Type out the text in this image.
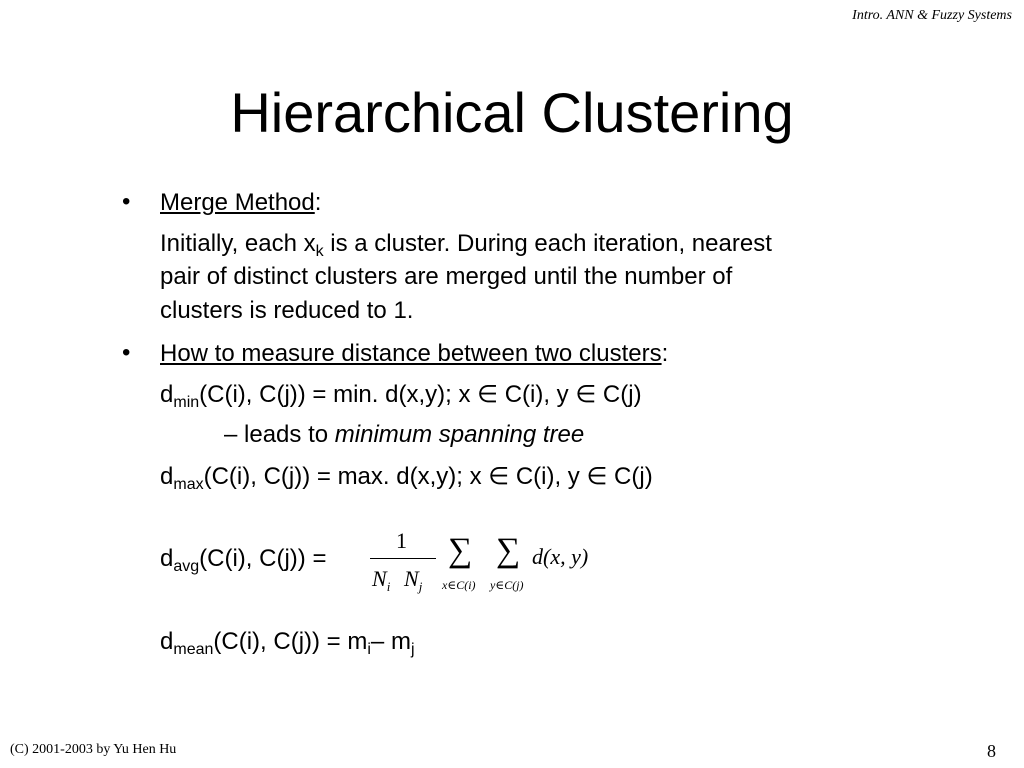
Intro. ANN & Fuzzy Systems
Hierarchical Clustering
• Merge Method:
Initially, each $x_k$ is a cluster. During each iteration, nearest
pair of distinct clusters are merged until the number of
clusters is reduced to 1.
• How to measure distance between two clusters:
$d_{min}(C(i)$, C(j)) = min. d(x,y); x ∈ C(i), y ∈ C(j)
– leads to minimum spanning tree
$d_{max}(C(i)$, C(j)) = max. d(x,y); x ∈ C(i), y ∈ C(j)
$d_{avg}(C(i)$, C(j)) =
1
$N_i$ $N_j$
∑
x∈C(i)
∑
y∈C(j)
d(x, y)
$d_{mean}(C(i)$, $C(j)) = m_i-$ $m_j$
(C) 2001-2003 by Yu Hen Hu	8
